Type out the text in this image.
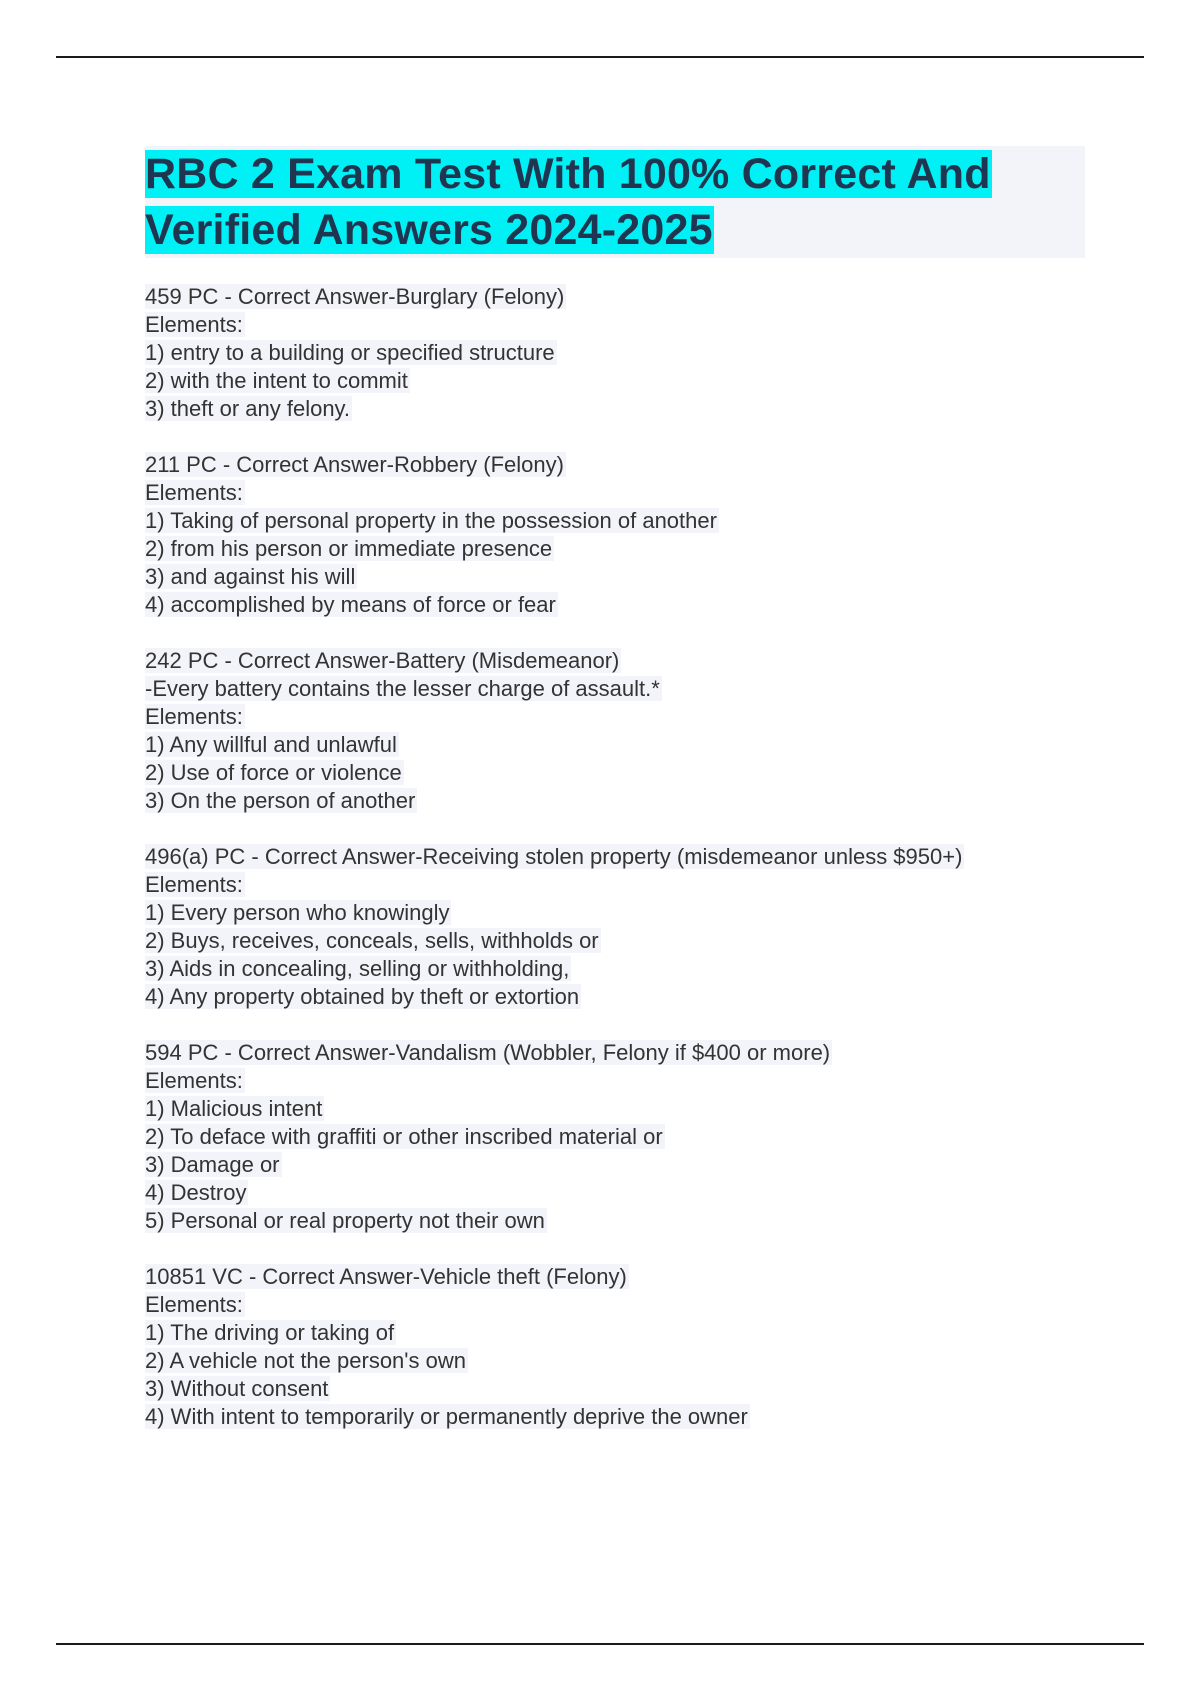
RBC 2 Exam Test With 100% Correct And Verified Answers 2024-2025
459 PC - Correct Answer-Burglary (Felony)
Elements:
1) entry to a building or specified structure
2) with the intent to commit
3) theft or any felony.
211 PC - Correct Answer-Robbery (Felony)
Elements:
1) Taking of personal property in the possession of another
2) from his person or immediate presence
3) and against his will
4) accomplished by means of force or fear
242 PC - Correct Answer-Battery (Misdemeanor)
-Every battery contains the lesser charge of assault.*
Elements:
1) Any willful and unlawful
2) Use of force or violence
3) On the person of another
496(a) PC - Correct Answer-Receiving stolen property (misdemeanor unless $950+)
Elements:
1) Every person who knowingly
2) Buys, receives, conceals, sells, withholds or
3) Aids in concealing, selling or withholding,
4) Any property obtained by theft or extortion
594 PC - Correct Answer-Vandalism (Wobbler, Felony if $400 or more)
Elements:
1) Malicious intent
2) To deface with graffiti or other inscribed material or
3) Damage or
4) Destroy
5) Personal or real property not their own
10851 VC - Correct Answer-Vehicle theft (Felony)
Elements:
1) The driving or taking of
2) A vehicle not the person's own
3) Without consent
4) With intent to temporarily or permanently deprive the owner
